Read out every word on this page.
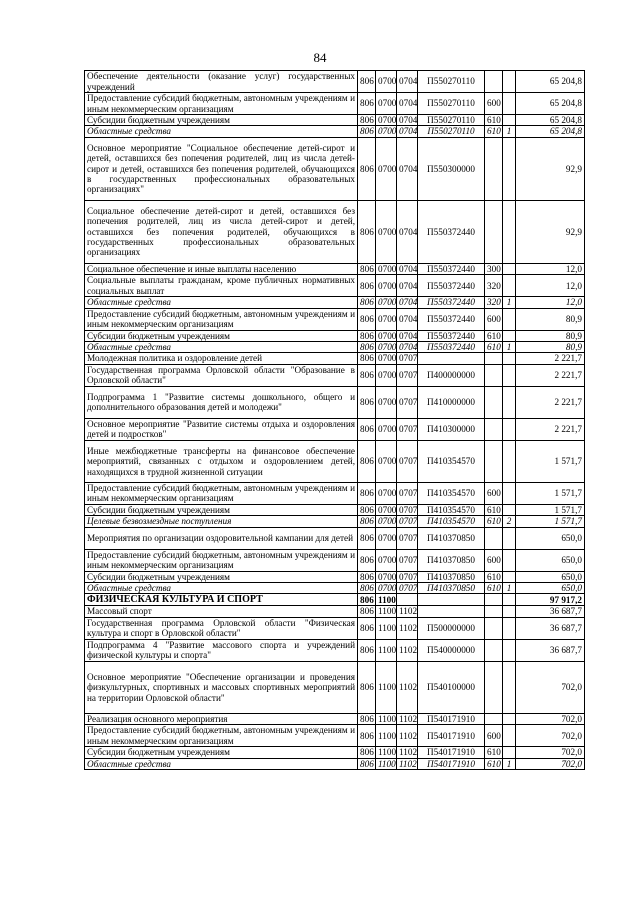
84
Обеспечение деятельности (оказание услуг) государственных учреждений	806	0700	0704	П550270110			65 204,8
Предоставление субсидий бюджетным, автономным учреждениям и иным некоммерческим организациям	806	0700	0704	П550270110	600		65 204,8
Субсидии бюджетным учреждениям	806	0700	0704	П550270110	610		65 204,8
Областные средства	806	0700	0704	П550270110	610	1	65 204,8
Основное мероприятие "Социальное обеспечение детей-сирот и детей, оставшихся без попечения родителей, лиц из числа детей-сирот и детей, оставшихся без попечения родителей, обучающихся в государственных профессиональных образовательных организациях"	806	0700	0704	П550300000			92,9
Социальное обеспечение детей-сирот и детей, оставшихся без попечения родителей, лиц из числа детей-сирот и детей, оставшихся без попечения родителей, обучающихся в государственных профессиональных образовательных организациях	806	0700	0704	П550372440			92,9
Социальное обеспечение и иные выплаты населению	806	0700	0704	П550372440	300		12,0
Социальные выплаты гражданам, кроме публичных нормативных социальных выплат	806	0700	0704	П550372440	320		12,0
Областные средства	806	0700	0704	П550372440	320	1	12,0
Предоставление субсидий бюджетным, автономным учреждениям и иным некоммерческим организациям	806	0700	0704	П550372440	600		80,9
Субсидии бюджетным учреждениям	806	0700	0704	П550372440	610		80,9
Областные средства	806	0700	0704	П550372440	610	1	80,9
Молодежная политика и оздоровление детей	806	0700	0707				2 221,7
Государственная программа Орловской области "Образование в Орловской области"	806	0700	0707	П400000000			2 221,7
Подпрограмма 1 "Развитие системы дошкольного, общего и дополнительного образования детей и молодежи"	806	0700	0707	П410000000			2 221,7
Основное мероприятие "Развитие системы отдыха и оздоровления детей и подростков"	806	0700	0707	П410300000			2 221,7
Иные межбюджетные трансферты на финансовое обеспечение мероприятий, связанных с отдыхом и оздоровлением детей, находящихся в трудной жизненной ситуации	806	0700	0707	П410354570			1 571,7
Предоставление субсидий бюджетным, автономным учреждениям и иным некоммерческим организациям	806	0700	0707	П410354570	600		1 571,7
Субсидии бюджетным учреждениям	806	0700	0707	П410354570	610		1 571,7
Целевые безвозмездные поступления	806	0700	0707	П410354570	610	2	1 571,7
Мероприятия по организации оздоровительной кампании для детей	806	0700	0707	П410370850			650,0
Предоставление субсидий бюджетным, автономным учреждениям и иным некоммерческим организациям	806	0700	0707	П410370850	600		650,0
Субсидии бюджетным учреждениям	806	0700	0707	П410370850	610		650,0
Областные средства	806	0700	0707	П410370850	610	1	650,0
ФИЗИЧЕСКАЯ КУЛЬТУРА И СПОРТ	806	1100					97 917,2
Массовый спорт	806	1100	1102				36 687,7
Государственная программа Орловской области "Физическая культура и спорт в Орловской области"	806	1100	1102	П500000000			36 687,7
Подпрограмма 4 "Развитие массового спорта и учреждений физической культуры и спорта"	806	1100	1102	П540000000			36 687,7
Основное мероприятие "Обеспечение организации и проведения физкультурных, спортивных и массовых спортивных мероприятий на территории Орловской области"	806	1100	1102	П540100000			702,0
Реализация основного мероприятия	806	1100	1102	П540171910			702,0
Предоставление субсидий бюджетным, автономным учреждениям и иным некоммерческим организациям	806	1100	1102	П540171910	600		702,0
Субсидии бюджетным учреждениям	806	1100	1102	П540171910	610		702,0
Областные средства	806	1100	1102	П540171910	610	1	702,0
